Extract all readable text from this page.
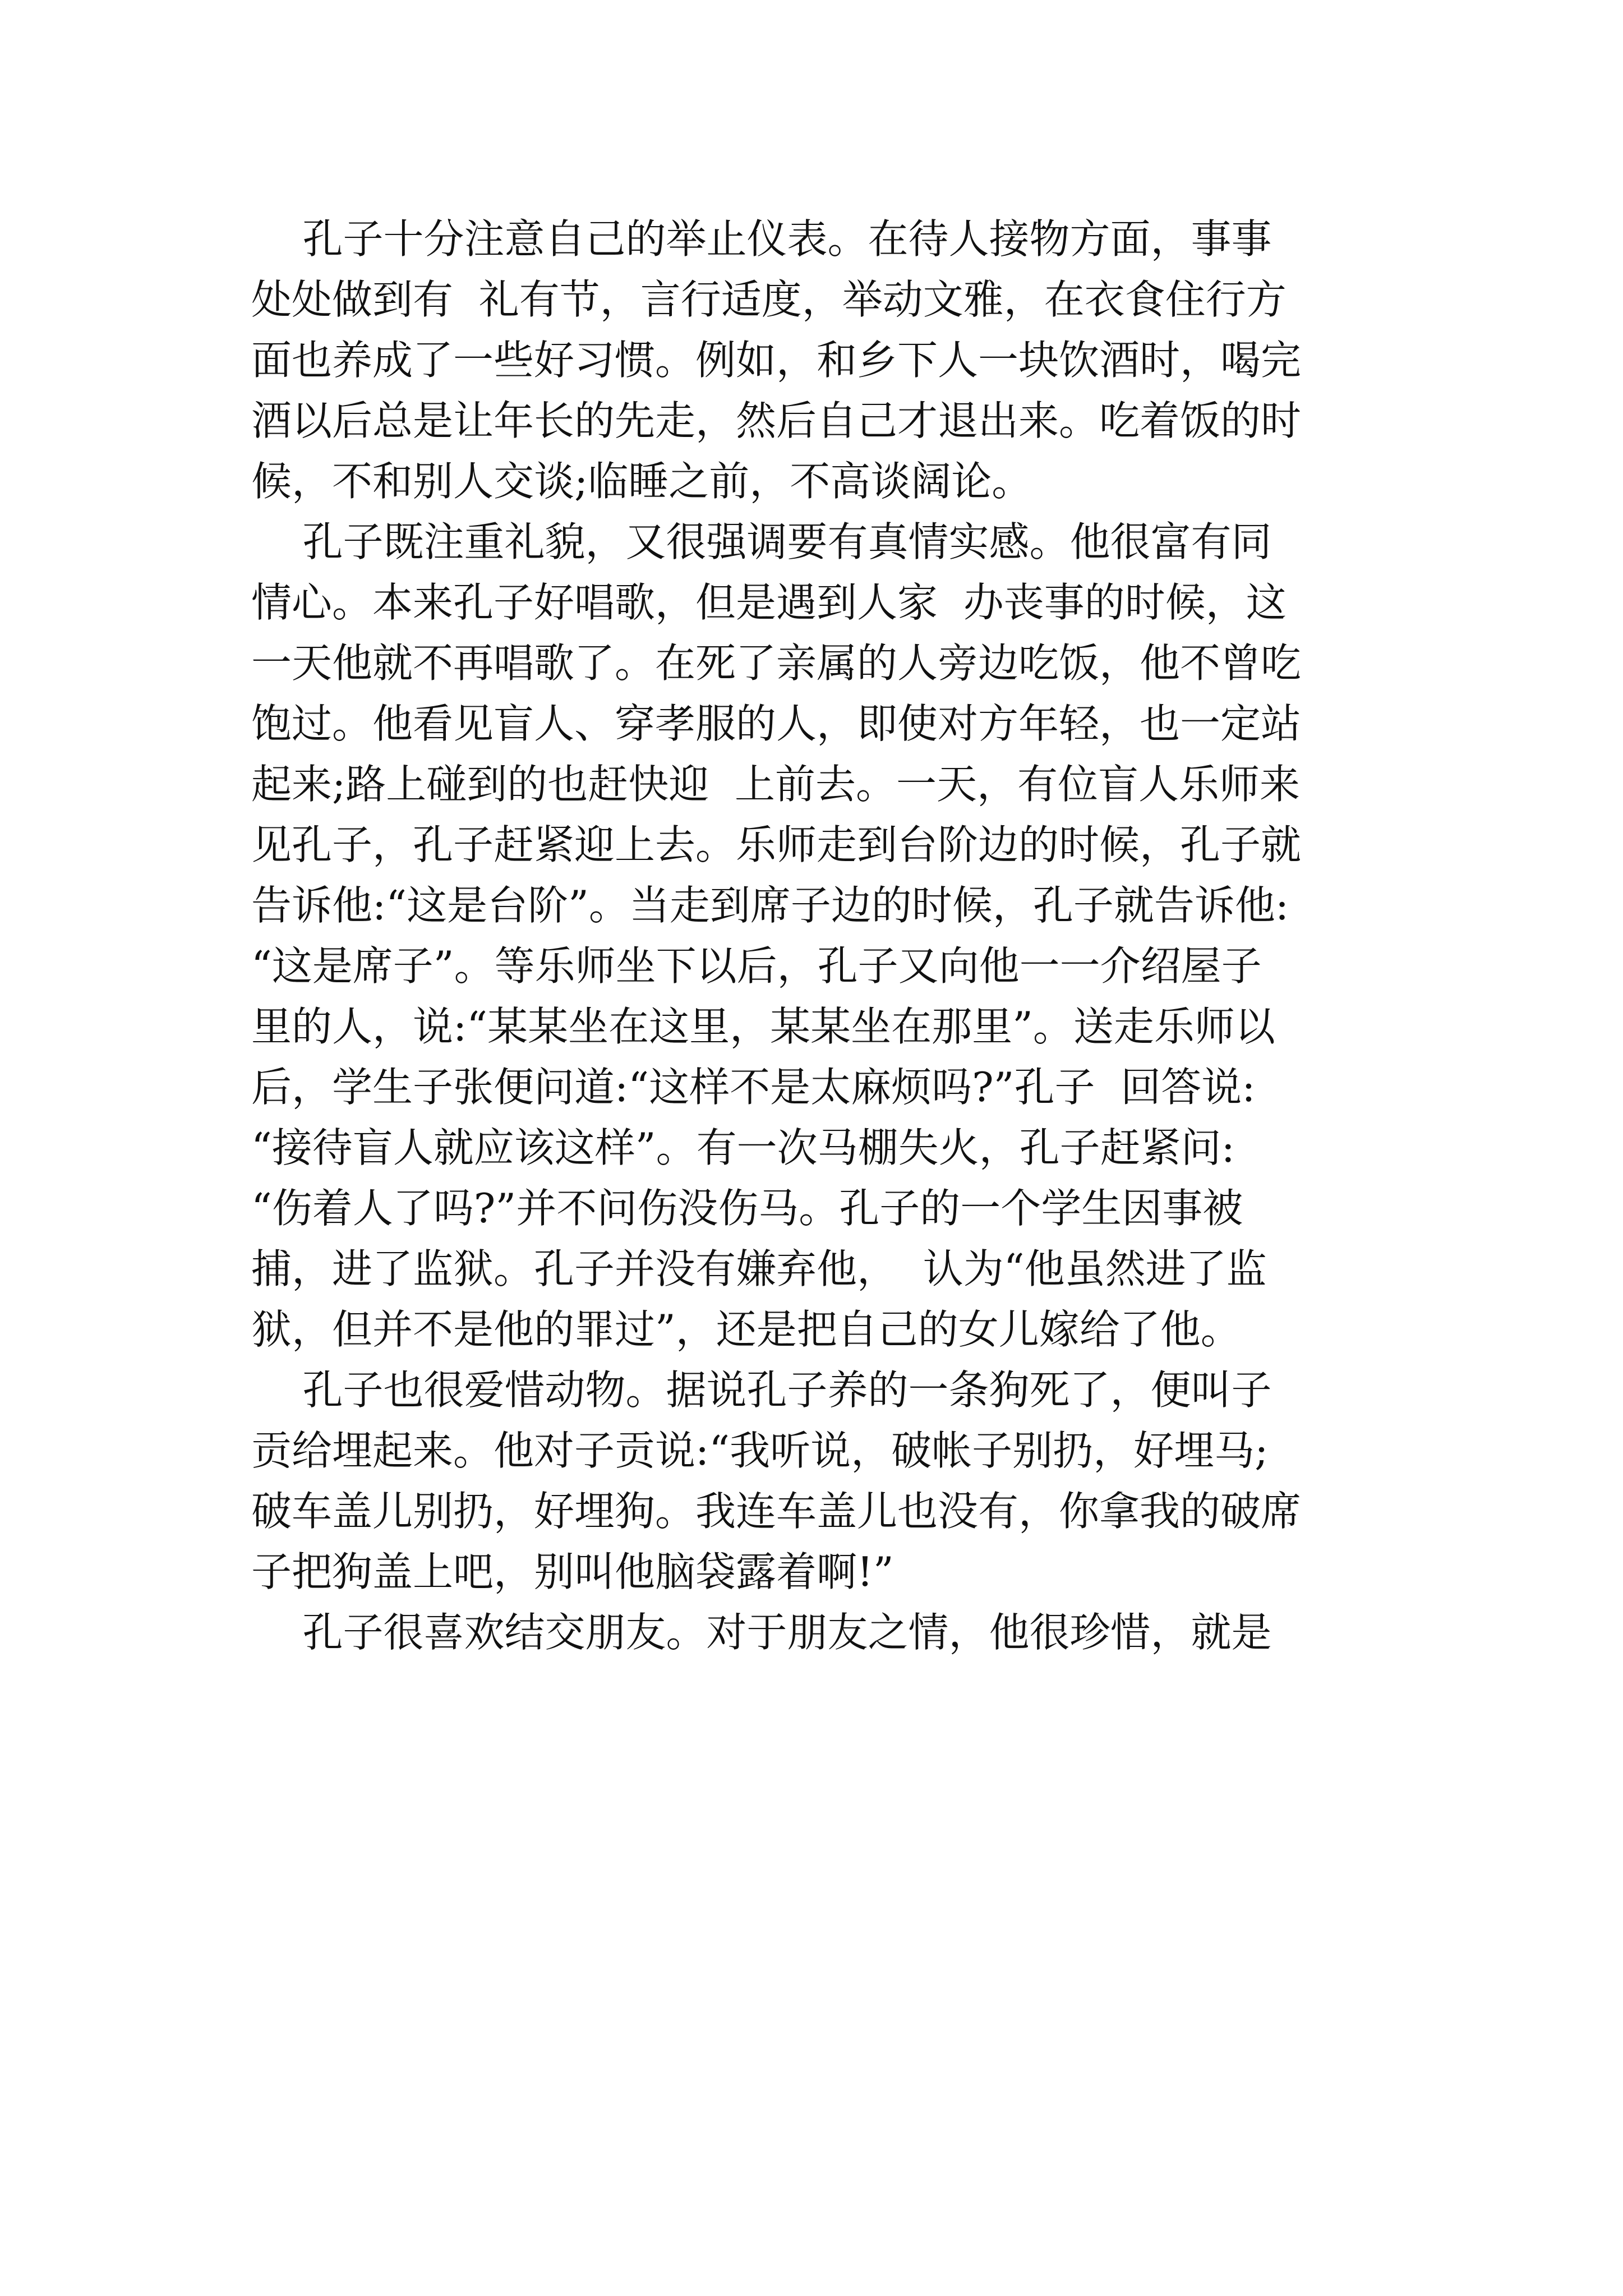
孔子十分注意自己的举止仪表。在待人接物方面，事事
处处做到有  礼有节，言行适度，举动文雅，在衣食住行方
面也养成了一些好习惯。例如，和乡下人一块饮酒时，喝完
酒以后总是让年长的先走，然后自己才退出来。吃着饭的时
候，不和别人交谈;临睡之前，不高谈阔论。
孔子既注重礼貌，又很强调要有真情实感。他很富有同
情心。本来孔子好唱歌，但是遇到人家  办丧事的时候，这
一天他就不再唱歌了。在死了亲属的人旁边吃饭，他不曾吃
饱过。他看见盲人、穿孝服的人，即使对方年轻，也一定站
起来;路上碰到的也赶快迎  上前去。一天，有位盲人乐师来
见孔子，孔子赶紧迎上去。乐师走到台阶边的时候，孔子就
告诉他:“这是台阶”。当走到席子边的时候，孔子就告诉他:
“这是席子”。等乐师坐下以后，孔子又向他一一介绍屋子
里的人，说:“某某坐在这里，某某坐在那里”。送走乐师以
后，学生子张便问道:“这样不是太麻烦吗?”孔子  回答说:
“接待盲人就应该这样”。有一次马棚失火，孔子赶紧问:
“伤着人了吗?”并不问伤没伤马。孔子的一个学生因事被
捕，进了监狱。孔子并没有嫌弃他，  认为“他虽然进了监
狱，但并不是他的罪过”，还是把自己的女儿嫁给了他。
孔子也很爱惜动物。据说孔子养的一条狗死了，便叫子
贡给埋起来。他对子贡说:“我听说，破帐子别扔，好埋马;
破车盖儿别扔，好埋狗。我连车盖儿也没有，你拿我的破席
子把狗盖上吧，别叫他脑袋露着啊!”
孔子很喜欢结交朋友。对于朋友之情，他很珍惜，就是
